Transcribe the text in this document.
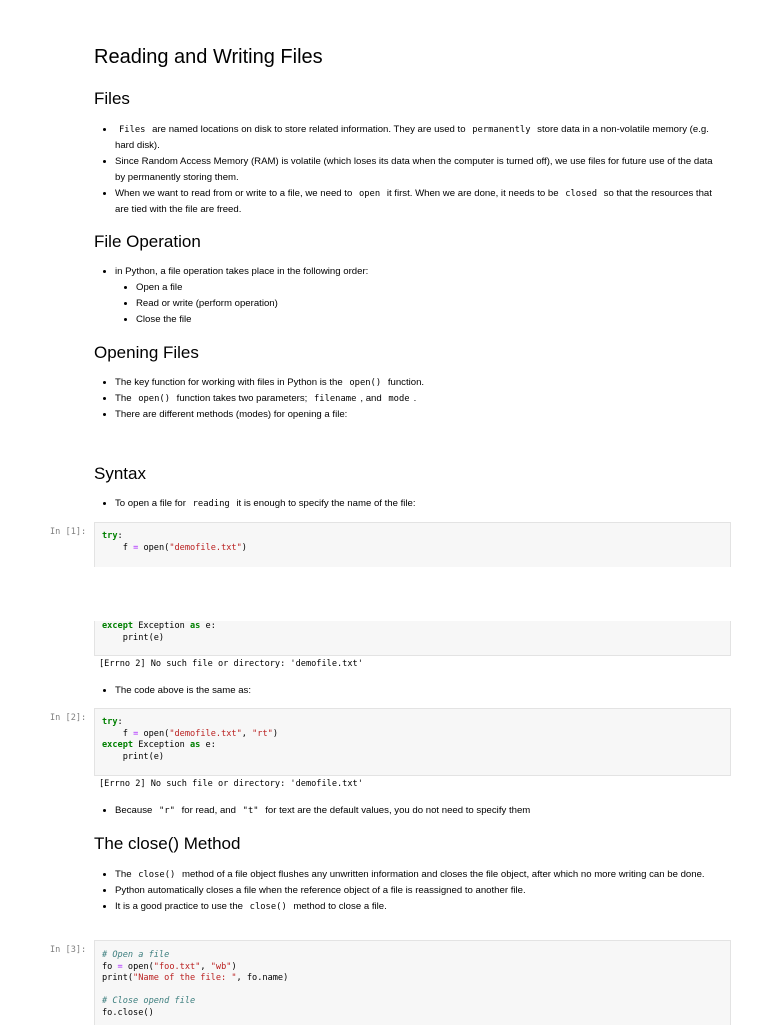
Reading and Writing Files
Files
• Files are named locations on disk to store related information. They are used to permanently store data in a non-volatile memory (e.g. hard disk).
• Since Random Access Memory (RAM) is volatile (which loses its data when the computer is turned off), we use files for future use of the data by permanently storing them.
• When we want to read from or write to a file, we need to open it first. When we are done, it needs to be closed so that the resources that are tied with the file are freed.
File Operation
• in Python, a file operation takes place in the following order:
• Open a file
• Read or write (perform operation)
• Close the file
Opening Files
• The key function for working with files in Python is the open() function.
• The open() function takes two parameters; filename , and mode .
• There are different methods (modes) for opening a file:
Syntax
• To open a file for reading it is enough to specify the name of the file:
In [1]:	try:
f = open("demofile.txt")
except Exception as e:
print(e)
[Errno 2] No such file or directory: 'demofile.txt'
• The code above is the same as:
In [2]:	try:
f = open("demofile.txt", "rt")
except Exception as e:
print(e)
[Errno 2] No such file or directory: 'demofile.txt'
• Because "r" for read, and "t" for text are the default values, you do not need to specify them
The close() Method
• The close() method of a file object flushes any unwritten information and closes the file object, after which no more writing can be done.
• Python automatically closes a file when the reference object of a file is reassigned to another file.
• It is a good practice to use the close() method to close a file.
In [3]:	# Open a file
fo = open("foo.txt", "wb")
print("Name of the file: ", fo.name)

# Close opend file
fo.close()
